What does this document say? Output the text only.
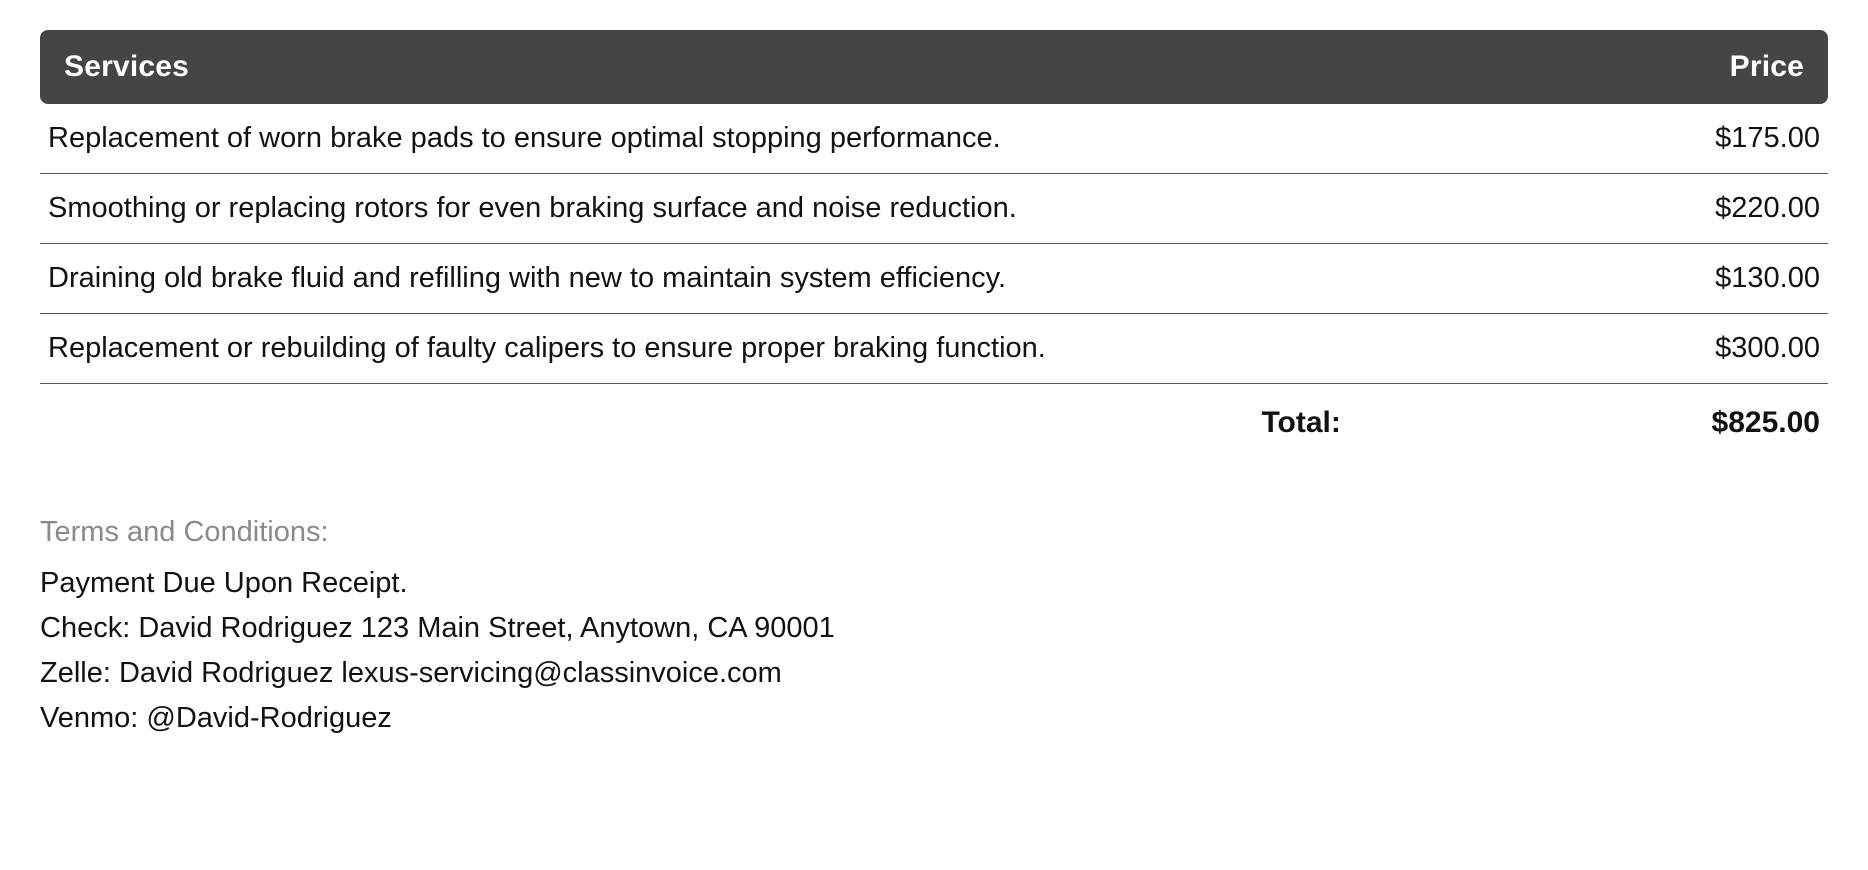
Services	Price
Replacement of worn brake pads to ensure optimal stopping performance.	$175.00
Smoothing or replacing rotors for even braking surface and noise reduction.	$220.00
Draining old brake fluid and refilling with new to maintain system efficiency.	$130.00
Replacement or rebuilding of faulty calipers to ensure proper braking function.	$300.00
Total:	$825.00
Terms and Conditions:
Payment Due Upon Receipt.
Check: David Rodriguez 123 Main Street, Anytown, CA 90001
Zelle: David Rodriguez lexus-servicing@classinvoice.com
Venmo: @David-Rodriguez
